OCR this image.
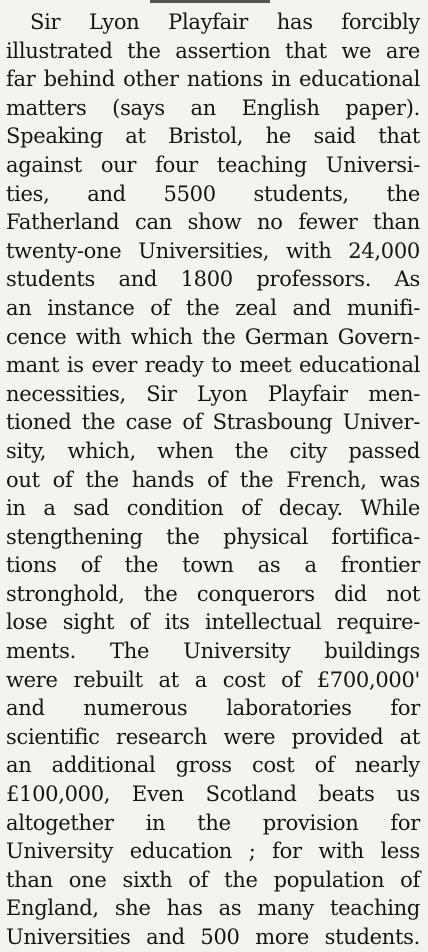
Sir Lyon Playfair has forcibly
illustrated the assertion that we are
far behind other nations in educational
matters (says an English paper).
Speaking at Bristol, he said that
against our four teaching Universi-
ties, and 5500 students, the
Fatherland can show no fewer than
twenty-one Universities, with 24,000
students and 1800 professors. As
an instance of the zeal and munifi-
cence with which the German Govern-
mant is ever ready to meet educational
necessities, Sir Lyon Playfair men-
tioned the case of Strasboung Univer-
sity, which, when the city passed
out of the hands of the French, was
in a sad condition of decay. While
stengthening the physical fortifica-
tions of the town as a frontier
stronghold, the conquerors did not
lose sight of its intellectual require-
ments. The University buildings
were rebuilt at a cost of £700,000'
and numerous laboratories for
scientific research were provided at
an additional gross cost of nearly
£100,000, Even Scotland beats us
altogether in the provision for
University education ; for with less
than one sixth of the population of
England, she has as many teaching
Universities and 500 more students.
